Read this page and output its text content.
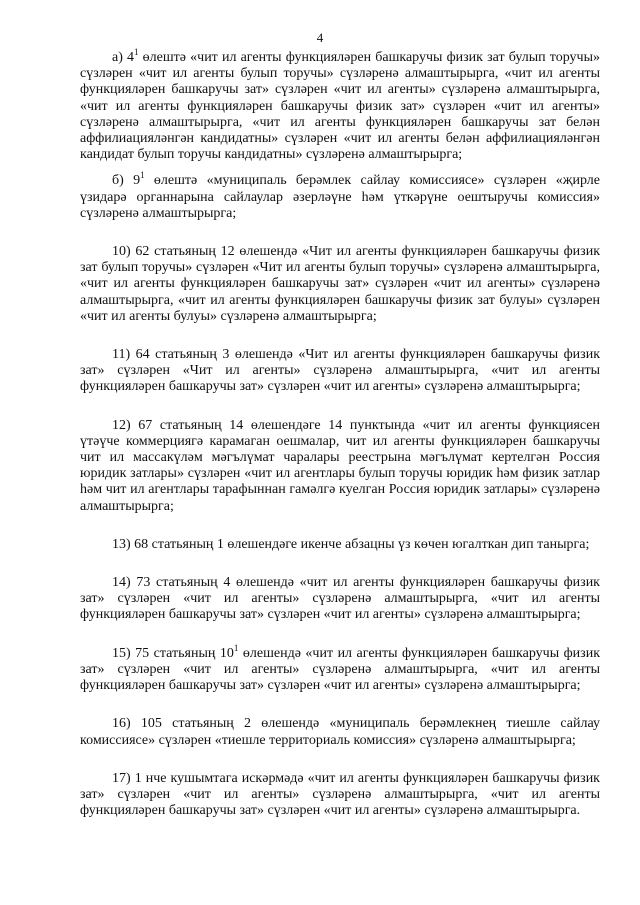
4

а) $4^1$ өлештә «чит ил агенты функцияләрен башкаручы физик зат булып торучы» сүзләрен «чит ил агенты булып торучы» сүзләренә алмаштырырга, «чит ил агенты функцияләрен башкаручы зат» сүзләрен «чит ил агенты» сүзләренә алмаштырырга, «чит ил агенты функцияләрен башкаручы физик зат» сүзләрен «чит ил агенты» сүзләренә алмаштырырга, «чит ил агенты функцияләрен башкаручы зат белән аффилиацияләнгән кандидатны» сүзләрен «чит ил агенты белән аффилиацияләнгән кандидат булып торучы кандидатны» сүзләренә алмаштырырга;

б) $9^1$ өлештә «муниципаль берәмлек сайлау комиссиясе» сүзләрен «җирле үзидарә органнарына сайлаулар әзерләүне һәм үткәрүне оештыручы комиссия» сүзләренә алмаштырырга;

10) 62 статьяның 12 өлешендә «Чит ил агенты функцияләрен башкаручы физик зат булып торучы» сүзләрен «Чит ил агенты булып торучы» сүзләренә алмаштырырга, «чит ил агенты функцияләрен башкаручы зат» сүзләрен «чит ил агенты» сүзләренә алмаштырырга, «чит ил агенты функцияләрен башкаручы физик зат булуы» сүзләрен «чит ил агенты булуы» сүзләренә алмаштырырга;

11) 64 статьяның 3 өлешендә «Чит ил агенты функцияләрен башкаручы физик зат» сүзләрен «Чит ил агенты» сүзләренә алмаштырырга, «чит ил агенты функцияләрен башкаручы зат» сүзләрен «чит ил агенты» сүзләренә алмаштырырга;

12) 67 статьяның 14 өлешендәге 14 пунктында «чит ил агенты функциясен үтәүче коммерциягә карамаган оешмалар, чит ил агенты функцияләрен башкаручы чит ил массакүләм мәгълүмат чаралары реестрына мәгълүмат кертелгән Россия юридик затлары» сүзләрен «чит ил агентлары булып торучы юридик һәм физик затлар һәм чит ил агентлары тарафыннан гамәлгә куелган Россия юридик затлары» сүзләренә алмаштырырга;

13) 68 статьяның 1 өлешендәге икенче абзацны үз көчен югалткан дип танырга;

14) 73 статьяның 4 өлешендә «чит ил агенты функцияләрен башкаручы физик зат» сүзләрен «чит ил агенты» сүзләренә алмаштырырга, «чит ил агенты функцияләрен башкаручы зат» сүзләрен «чит ил агенты» сүзләренә алмаштырырга;

15) 75 статьяның $10^1$ өлешендә «чит ил агенты функцияләрен башкаручы физик зат» сүзләрен «чит ил агенты» сүзләренә алмаштырырга, «чит ил агенты функцияләрен башкаручы зат» сүзләрен «чит ил агенты» сүзләренә алмаштырырга;

16) 105 статьяның 2 өлешендә «муниципаль берәмлекнең тиешле сайлау комиссиясе» сүзләрен «тиешле территориаль комиссия» сүзләренә алмаштырырга;

17) 1 нче кушымтага искәрмәдә «чит ил агенты функцияләрен башкаручы физик зат» сүзләрен «чит ил агенты» сүзләренә алмаштырырга, «чит ил агенты функцияләрен башкаручы зат» сүзләрен «чит ил агенты» сүзләренә алмаштырырга.
